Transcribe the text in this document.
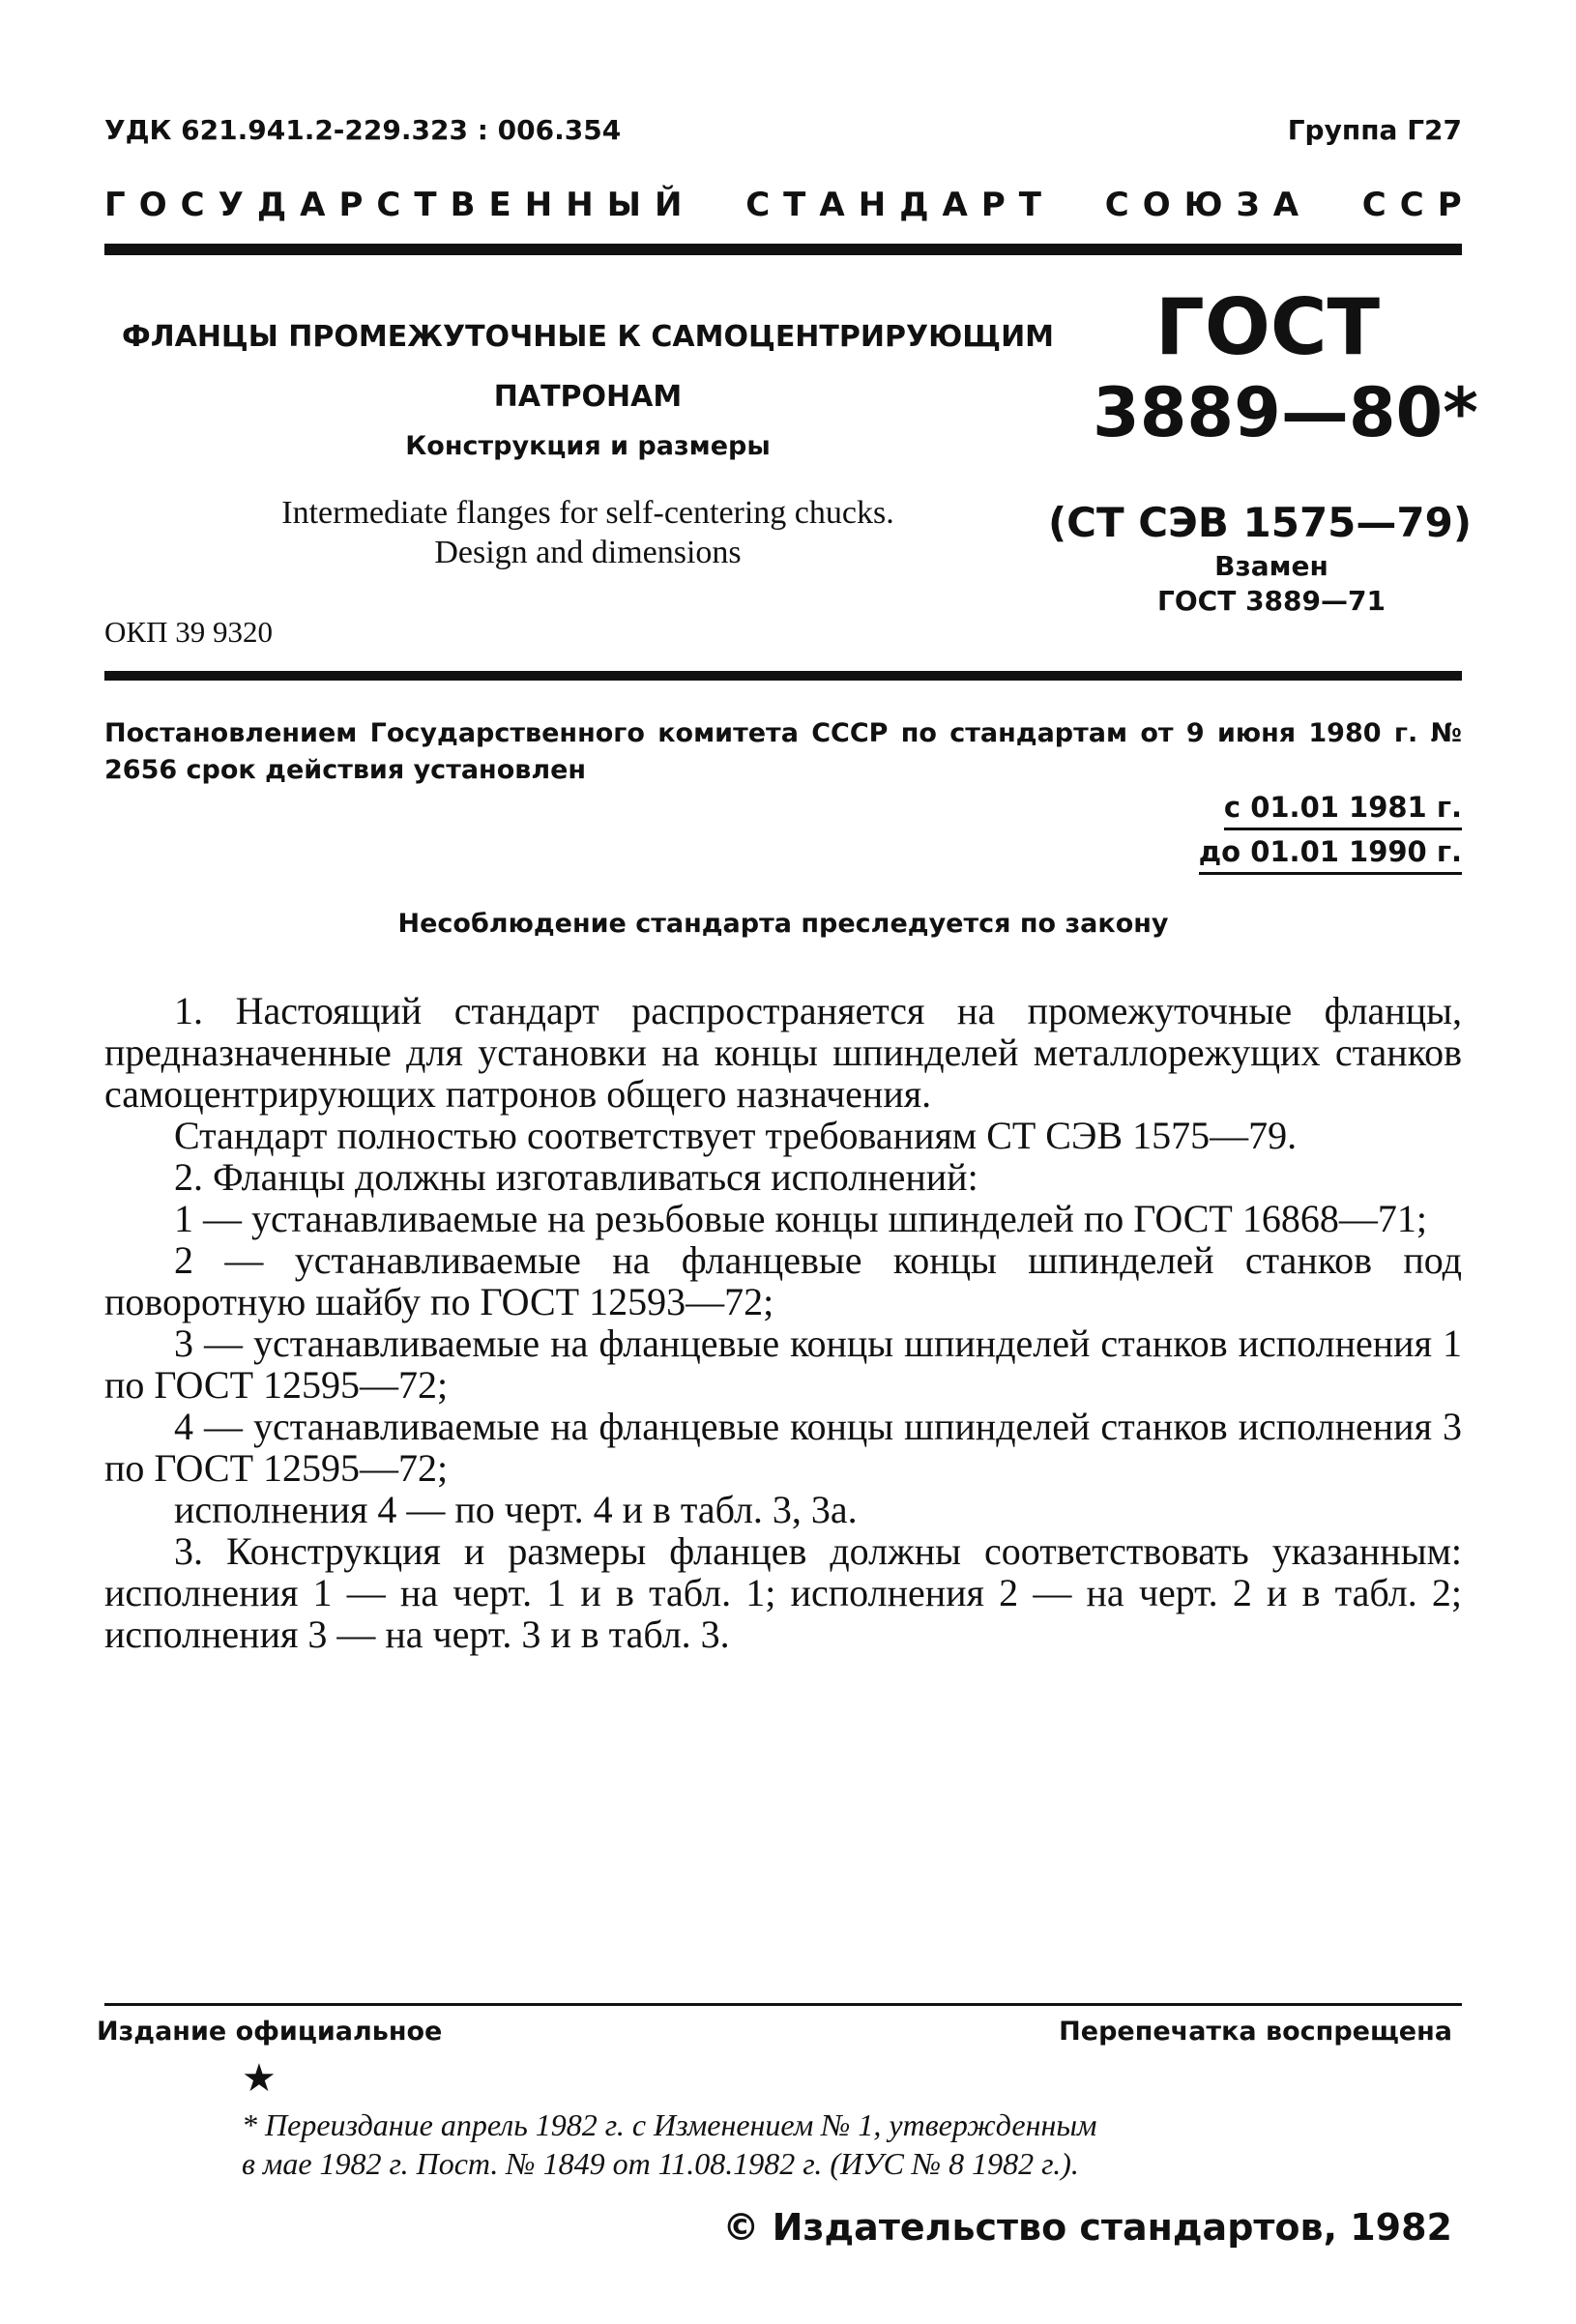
УДК 621.941.2-229.323 : 006.354	Группа Г27
Г О С У Д А Р С Т В Е Н Н Ы Й

С Т А Н Д А Р Т

С О Ю З А

С С Р
ФЛАНЦЫ ПРОМЕЖУТОЧНЫЕ К САМОЦЕНТРИРУЮЩИМ
ПАТРОНАМ
Конструкция и размеры
Intermediate flanges for self-centering chucks.
Design and dimensions
ОКП 39 9320
ГОСТ
3889—80*
(СТ СЭВ 1575—79)
Взамен
ГОСТ 3889—71
Постановлением Государственного комитета СССР по стандартам от 9 июня 1980 г. № 2656 срок действия установлен
с 01.01 1981 г.
до 01.01 1990 г.
Несоблюдение стандарта преследуется по закону

1. Настоящий стандарт распространяется на промежуточные фланцы, предназначенные для установки на концы шпинделей металлорежущих станков самоцентрирующих патронов общего назначения.

Стандарт полностью соответствует требованиям СТ СЭВ 1575—79.

2. Фланцы должны изготавливаться исполнений:

1 — устанавливаемые на резьбовые концы шпинделей по ГОСТ 16868—71;

2 — устанавливаемые на фланцевые концы шпинделей станков под поворотную шайбу по ГОСТ 12593—72;

3 — устанавливаемые на фланцевые концы шпинделей станков исполнения 1 по ГОСТ 12595—72;

4 — устанавливаемые на фланцевые концы шпинделей станков исполнения 3 по ГОСТ 12595—72;

исполнения 4 — по черт. 4 и в табл. 3, 3а.

3. Конструкция и размеры фланцев должны соответствовать указанным: исполнения 1 — на черт. 1 и в табл. 1; исполнения 2 — на черт. 2 и в табл. 2; исполнения 3 — на черт. 3 и в табл. 3.

Издание официальное	Перепечатка воспрещена
★
* Переиздание апрель 1982 г. с Изменением № 1, утвержденным
в мае 1982 г. Пост. № 1849 от 11.08.1982 г. (ИУС № 8 1982 г.).
© Издательство стандартов, 1982
